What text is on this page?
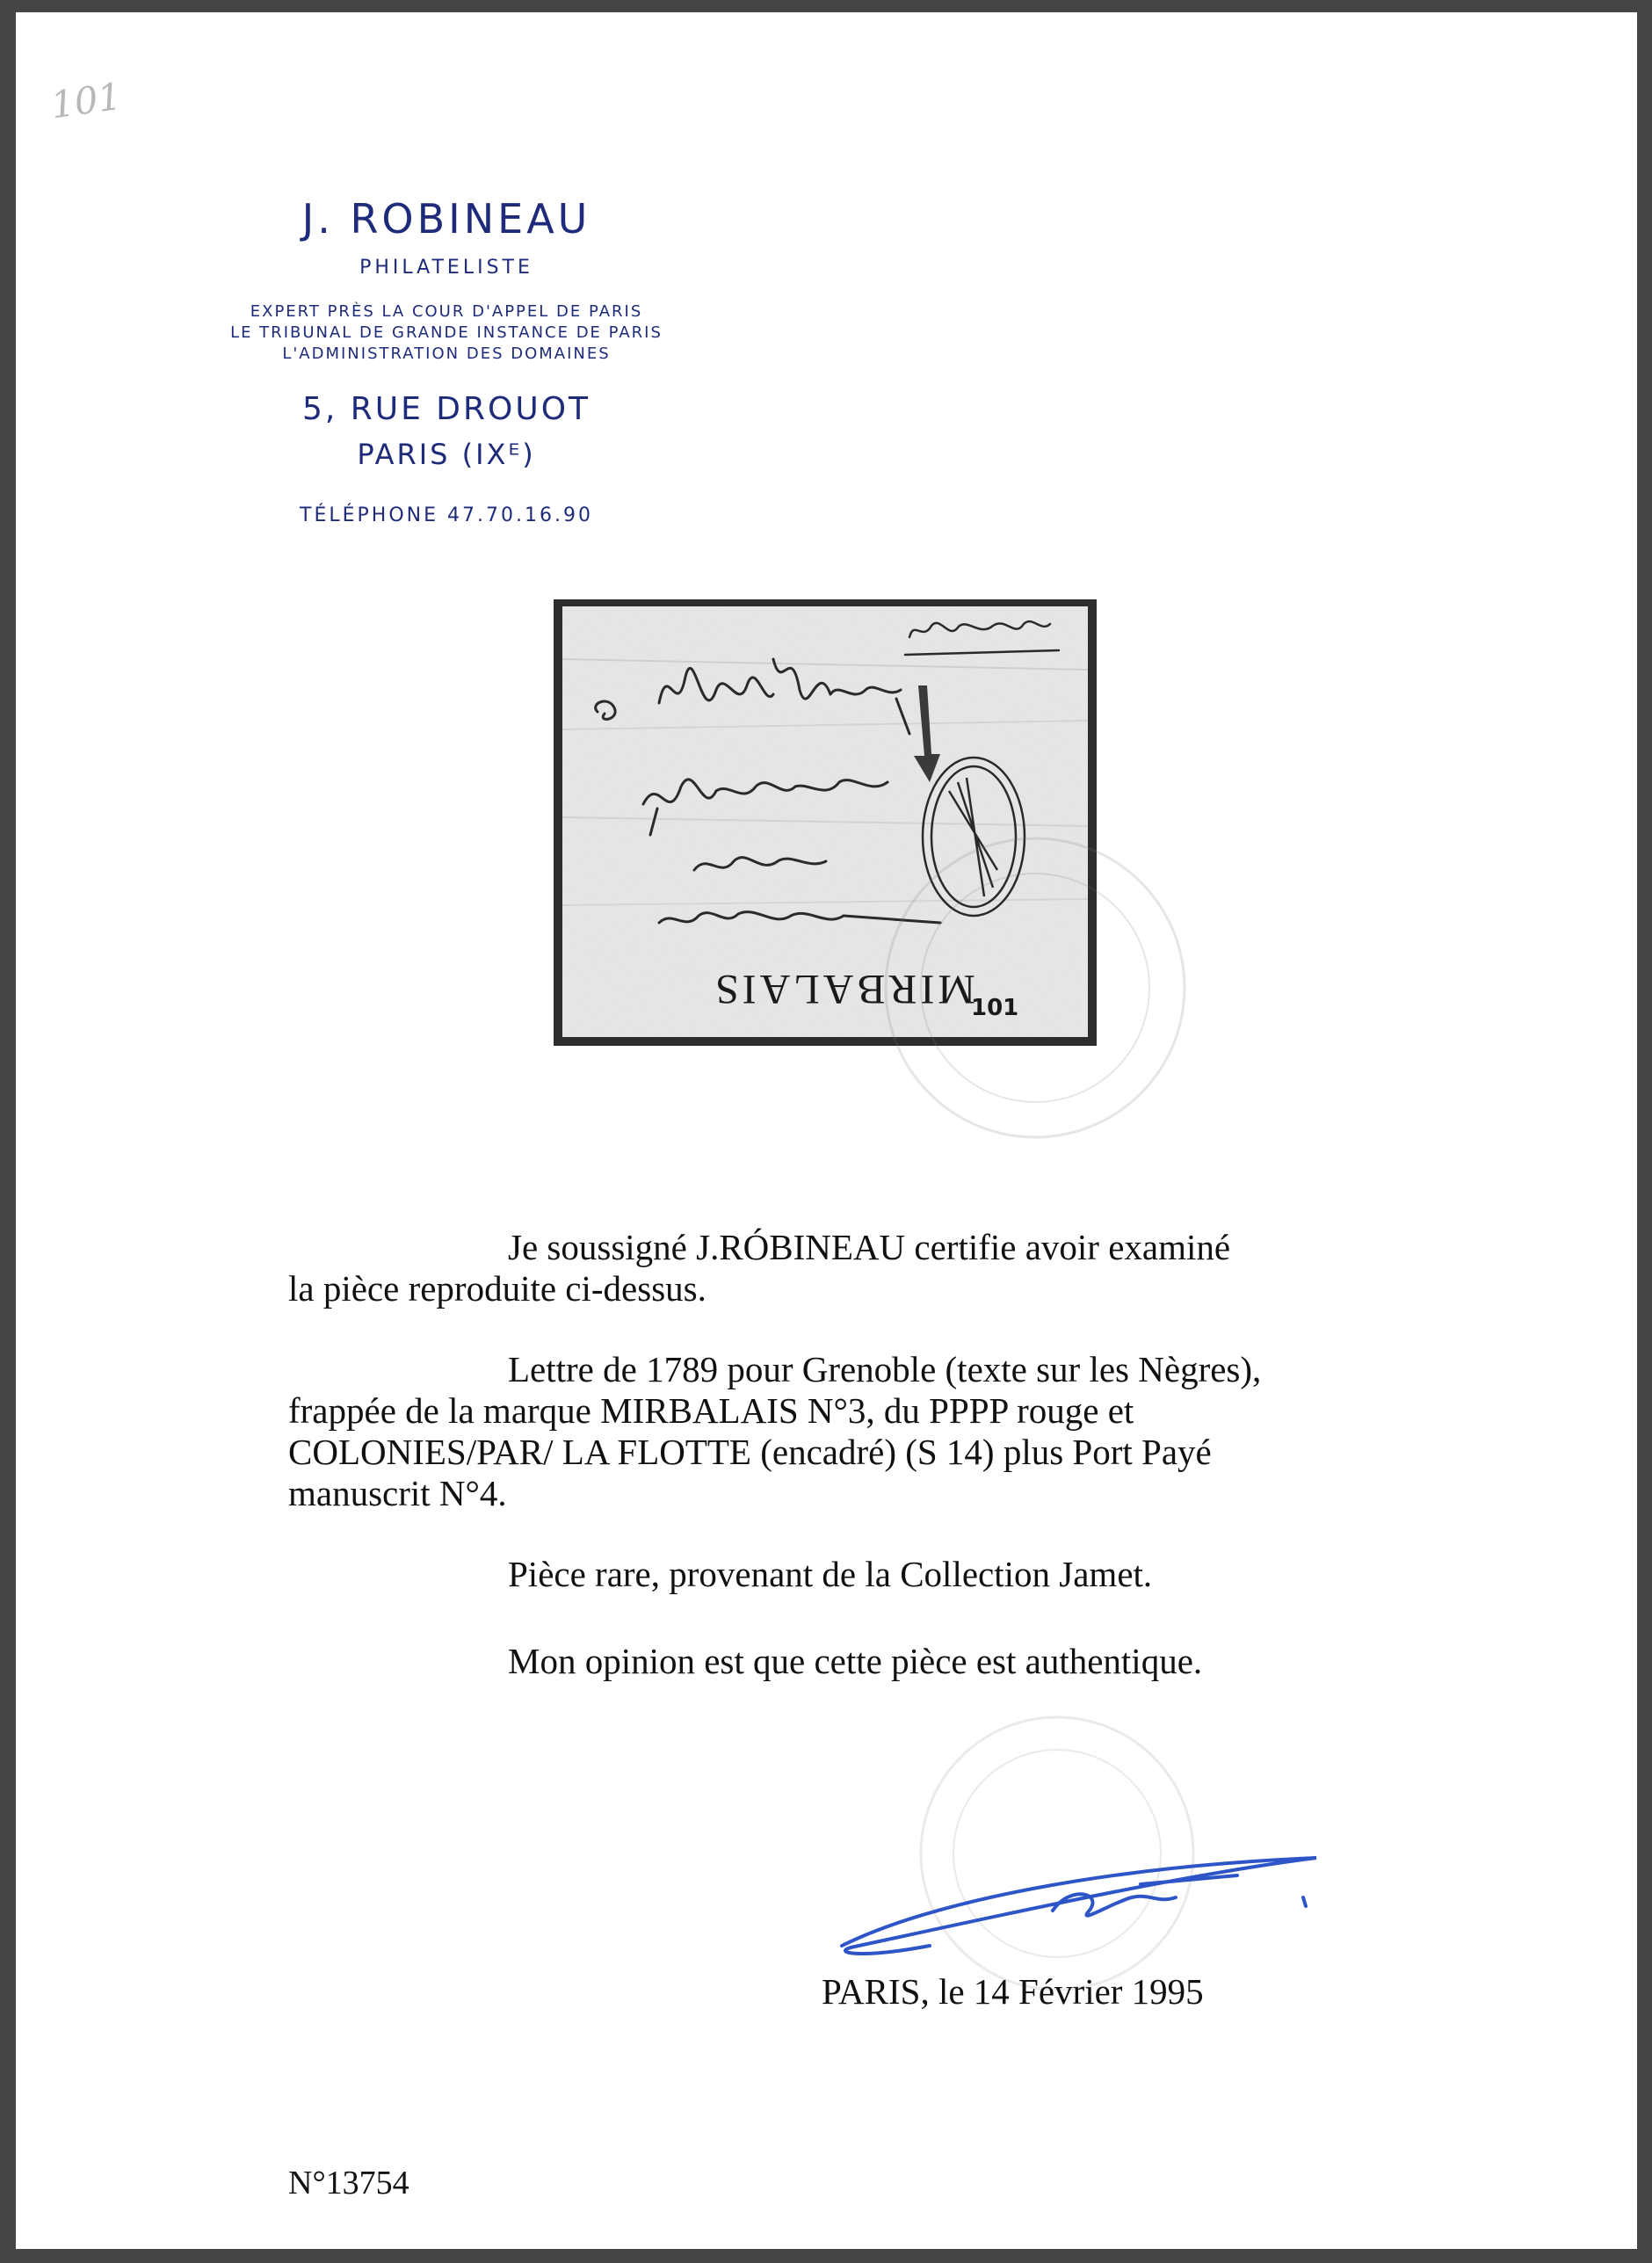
101
J. ROBINEAU
PHILATELISTE
EXPERT PRÈS LA COUR D'APPEL DE PARIS
LE TRIBUNAL DE GRANDE INSTANCE DE PARIS
L'ADMINISTRATION DES DOMAINES
5, RUE DROUOT
PARIS (IXᴱ)
TÉLÉPHONE 47.70.16.90
MIRBALAIS
101
Je soussigné J.RÓBINEAU certifie avoir examiné
la pièce reproduite ci-dessus.
Lettre de 1789 pour Grenoble (texte sur les Nègres),
frappée de la marque MIRBALAIS N°3, du PPPP rouge et
COLONIES/PAR/ LA FLOTTE (encadré) (S 14) plus Port Payé
manuscrit N°4.
Pièce rare, provenant de la Collection Jamet.
Mon opinion est que cette pièce est authentique.
PARIS, le 14 Février 1995
N°13754
